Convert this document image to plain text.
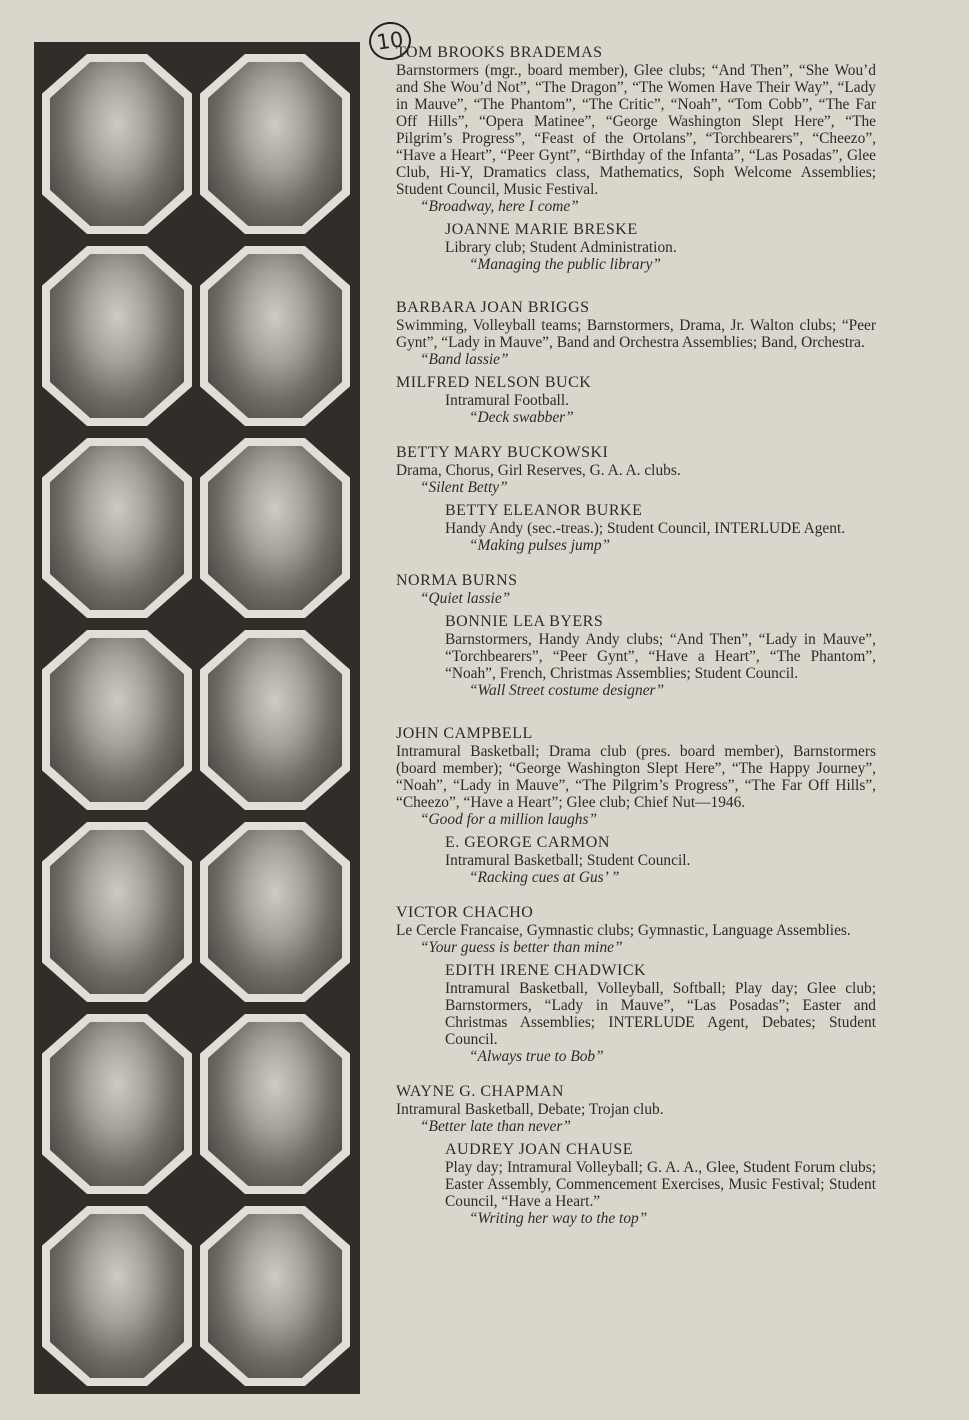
10
TOM BROOKS BRADEMAS
Barnstormers (mgr., board member), Glee clubs; “And Then”, “She Wou’d and She Wou’d Not”, “The Dragon”, “The Women Have Their Way”, “Lady in Mauve”, “The Phantom”, “The Critic”, “Noah”, “Tom Cobb”, “The Far Off Hills”, “Opera Matinee”, “George Washington Slept Here”, “The Pilgrim’s Progress”, “Feast of the Ortolans”, “Torchbearers”, “Cheezo”, “Have a Heart”, “Peer Gynt”, “Birthday of the Infanta”, “Las Posadas”, Glee Club, Hi-Y, Dramatics class, Mathematics, Soph Welcome Assemblies; Student Council, Music Festival.
“Broadway, here I come”
JOANNE MARIE BRESKE
Library club; Student Administration.
“Managing the public library”
BARBARA JOAN BRIGGS
Swimming, Volleyball teams; Barnstormers, Drama, Jr. Walton clubs; “Peer Gynt”, “Lady in Mauve”, Band and Orchestra Assemblies; Band, Orchestra.
“Band lassie”
MILFRED NELSON BUCK
Intramural Football.
“Deck swabber”
BETTY MARY BUCKOWSKI
Drama, Chorus, Girl Reserves, G. A. A. clubs.
“Silent Betty”
BETTY ELEANOR BURKE
Handy Andy (sec.-treas.); Student Council, INTERLUDE Agent.
“Making pulses jump”
NORMA BURNS
“Quiet lassie”
BONNIE LEA BYERS
Barnstormers, Handy Andy clubs; “And Then”, “Lady in Mauve”, “Torchbearers”, “Peer Gynt”, “Have a Heart”, “The Phantom”, “Noah”, French, Christmas Assemblies; Student Council.
“Wall Street costume designer”
JOHN CAMPBELL
Intramural Basketball; Drama club (pres. board member), Barnstormers (board member); “George Washington Slept Here”, “The Happy Journey”, “Noah”, “Lady in Mauve”, “The Pilgrim’s Progress”, “The Far Off Hills”, “Cheezo”, “Have a Heart”; Glee club; Chief Nut—1946.
“Good for a million laughs”
E. GEORGE CARMON
Intramural Basketball; Student Council.
“Racking cues at Gus’ ”
VICTOR CHACHO
Le Cercle Francaise, Gymnastic clubs; Gymnastic, Language Assemblies.
“Your guess is better than mine”
EDITH IRENE CHADWICK
Intramural Basketball, Volleyball, Softball; Play day; Glee club; Barnstormers, “Lady in Mauve”, “Las Posadas”; Easter and Christmas Assemblies; INTERLUDE Agent, Debates; Student Council.
“Always true to Bob”
WAYNE G. CHAPMAN
Intramural Basketball, Debate; Trojan club.
“Better late than never”
AUDREY JOAN CHAUSE
Play day; Intramural Volleyball; G. A. A., Glee, Student Forum clubs; Easter Assembly, Commencement Exercises, Music Festival; Student Council, “Have a Heart.”
“Writing her way to the top”
